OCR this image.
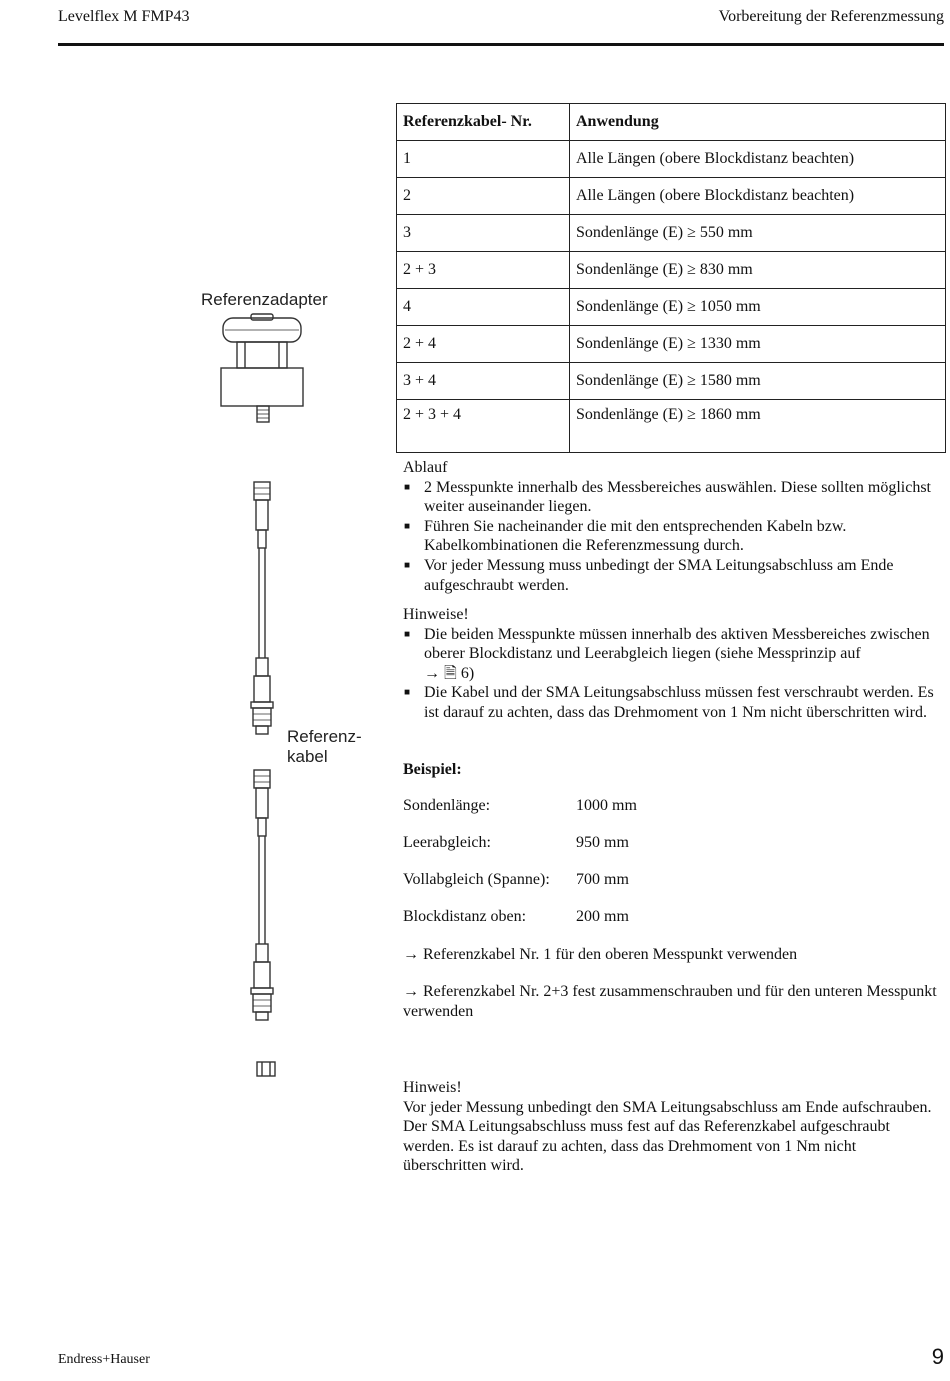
Levelflex M FMP43	Vorbereitung der Referenzmessung
Referenzadapter
Referenz-
kabel
Referenzkabel- Nr.	Anwendung
1	Alle Längen (obere Blockdistanz beachten)
2	Alle Längen (obere Blockdistanz beachten)
3	Sondenlänge (E) ≥ 550 mm
2 + 3	Sondenlänge (E) ≥ 830 mm
4	Sondenlänge (E) ≥ 1050 mm
2 + 4	Sondenlänge (E) ≥ 1330 mm
3 + 4	Sondenlänge (E) ≥ 1580 mm
2 + 3 + 4	Sondenlänge (E) ≥ 1860 mm

Ablauf

■ 2 Messpunkte innerhalb des Messbereiches auswählen. Diese sollten möglichst weiter auseinander liegen.
■ Führen Sie nacheinander die mit den entsprechenden Kabeln bzw. Kabelkombinationen die Referenzmessung durch.
■ Vor jeder Messung muss unbedingt der SMA Leitungsabschluss am Ende aufgeschraubt werden.

Hinweise!

■ Die beiden Messpunkte müssen innerhalb des aktiven Messbereiches zwischen oberer Blockdistanz und Leerabgleich liegen (siehe Messprinzip auf
→ 🗎 6)
■ Die Kabel und der SMA Leitungsabschluss müssen fest verschraubt werden. Es ist darauf zu achten, dass das Drehmoment von 1 Nm nicht überschritten wird.
Beispiel:
Sondenlänge:	1000 mm
Leerabgleich:	950 mm
Vollabgleich (Spanne): 700 mm
Blockdistanz oben:	200 mm
→ Referenzkabel Nr. 1 für den oberen Messpunkt verwenden
→ Referenzkabel Nr. 2+3 fest zusammenschrauben und für den unteren Messpunkt verwenden
Hinweis!
Vor jeder Messung unbedingt den SMA Leitungsabschluss am Ende aufschrauben.
Der SMA Leitungsabschluss muss fest auf das Referenzkabel aufgeschraubt werden. Es ist darauf zu achten, dass das Drehmoment von 1 Nm nicht überschritten wird.
Endress+Hauser	9
